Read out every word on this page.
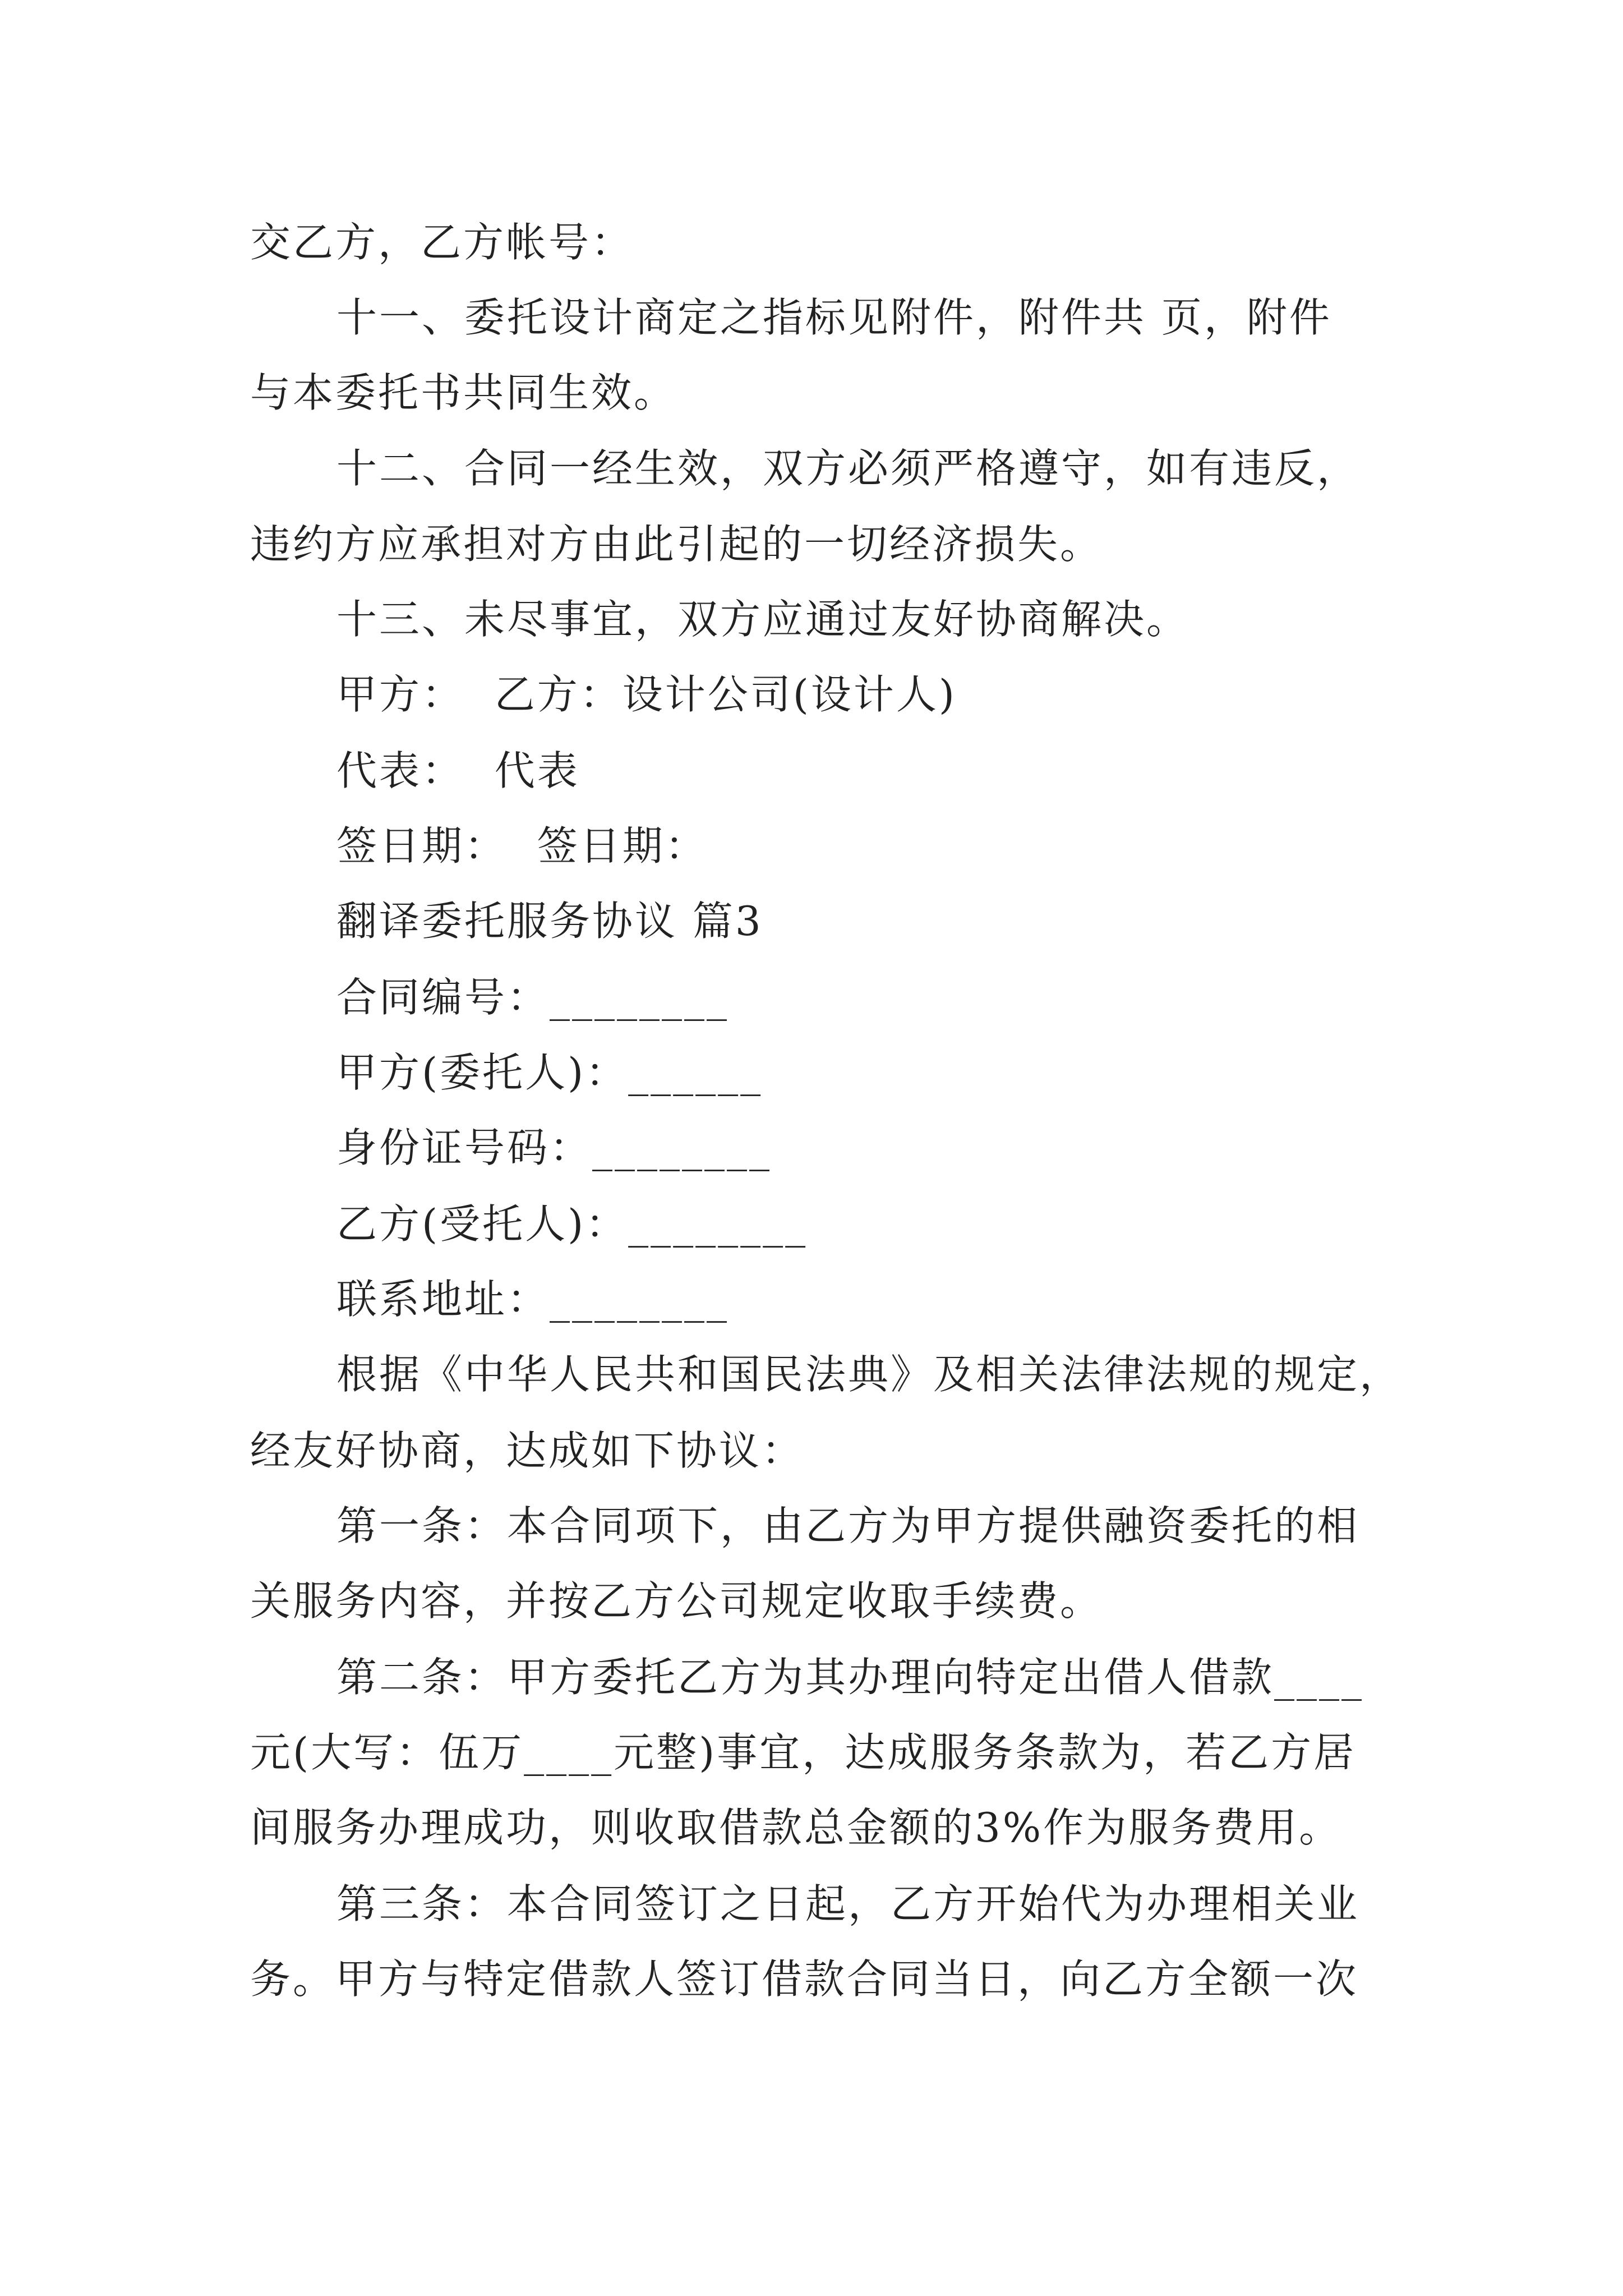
交乙方，乙方帐号：
十一、委托设计商定之指标见附件，附件共 页，附件
与本委托书共同生效。
十二、合同一经生效，双方必须严格遵守，如有违反，
违约方应承担对方由此引起的一切经济损失。
十三、未尽事宜，双方应通过友好协商解决。
甲方：  乙方：设计公司(设计人)
代表：  代表
签日期：  签日期：
翻译委托服务协议 篇3
合同编号：________
甲方(委托人)：______
身份证号码：________
乙方(受托人)：________
联系地址：________
根据《中华人民共和国民法典》及相关法律法规的规定，
经友好协商，达成如下协议：
第一条：本合同项下，由乙方为甲方提供融资委托的相
关服务内容，并按乙方公司规定收取手续费。
第二条：甲方委托乙方为其办理向特定出借人借款____
元(大写：伍万____元整)事宜，达成服务条款为，若乙方居
间服务办理成功，则收取借款总金额的3%作为服务费用。
第三条：本合同签订之日起，乙方开始代为办理相关业
务。甲方与特定借款人签订借款合同当日，向乙方全额一次
